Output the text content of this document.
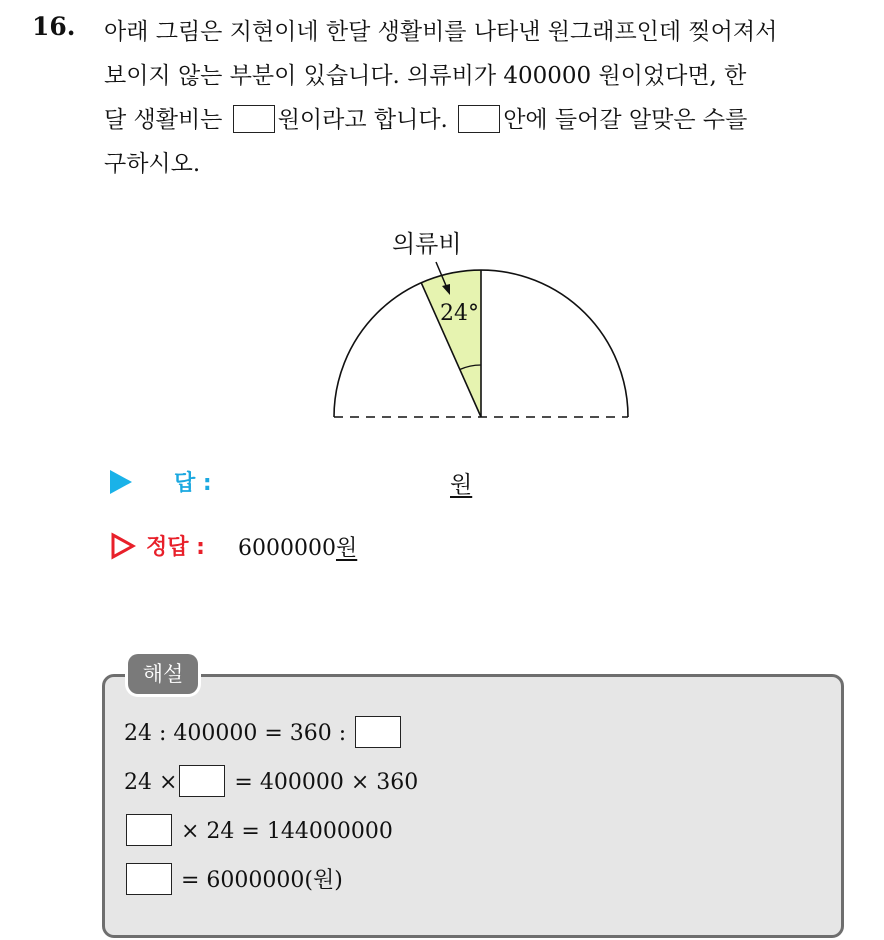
16. 아래 그림은 지현이네 한달 생활비를 나타낸 원그래프인데 찢어져서
보이지 않는 부분이 있습니다. 의류비가 400000 원이었다면, 한
달 생활비는 원이라고 합니다. 안에 들어갈 알맞은 수를
구하시오.
의류비
24°
답 :	원
정답 : 6000000원
해설
24 : 400000 = 360 :
24 ×	= 400000 × 360
× 24 = 144000000
= 6000000(원)
